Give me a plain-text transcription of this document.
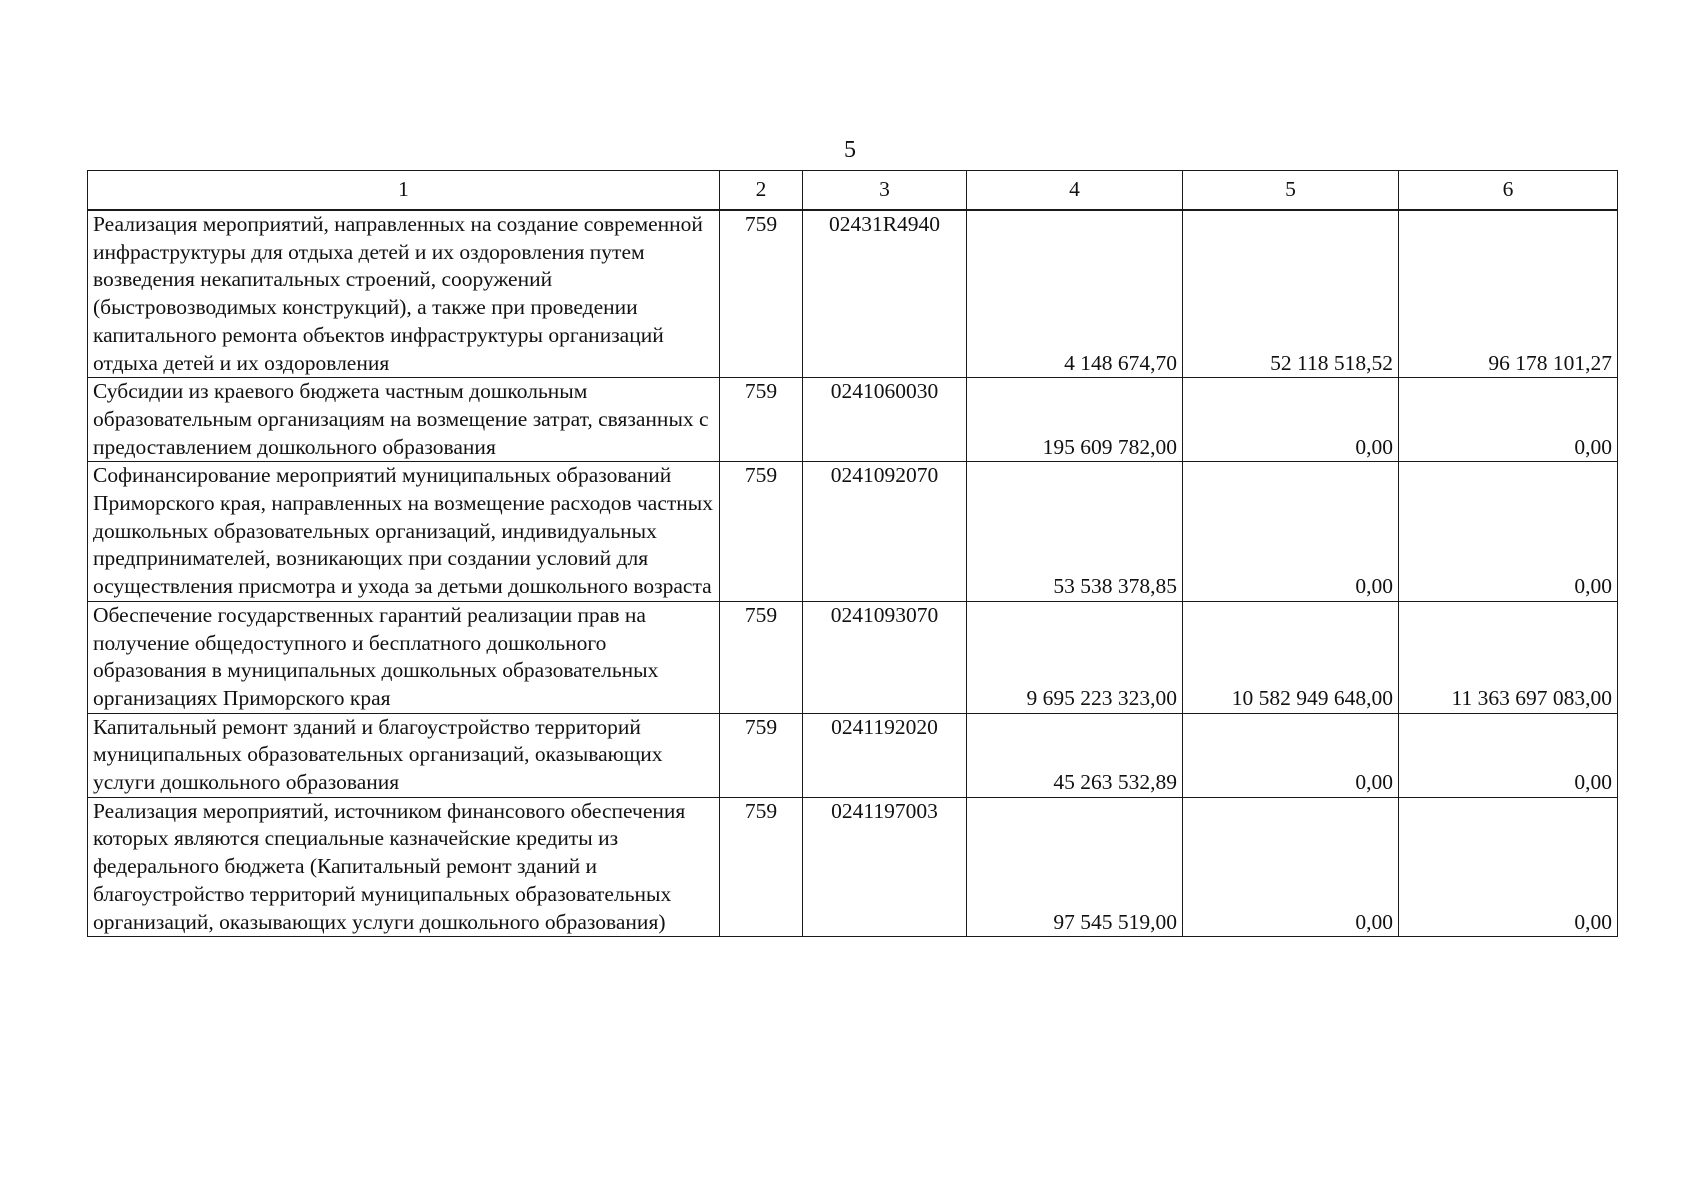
5
1	2	3	4	5	6
Реализация мероприятий, направленных на создание современной инфраструктуры для отдыха детей и их оздоровления путем возведения некапитальных строений, сооружений (быстровозводимых конструкций), а также при проведении капитального ремонта объектов инфраструктуры организаций отдыха детей и их оздоровления	759	02431R4940	4 148 674,70	52 118 518,52	96 178 101,27
Субсидии из краевого бюджета частным дошкольным образовательным организациям на возмещение затрат, связанных с предоставлением дошкольного образования	759	0241060030	195 609 782,00	0,00	0,00
Софинансирование мероприятий муниципальных образований Приморского края, направленных на возмещение расходов частных дошкольных образовательных организаций, индивидуальных предпринимателей, возникающих при создании условий для осуществления присмотра и ухода за детьми дошкольного возраста	759	0241092070	53 538 378,85	0,00	0,00
Обеспечение государственных гарантий реализации прав на получение общедоступного и бесплатного дошкольного образования в муниципальных дошкольных образовательных организациях Приморского края	759	0241093070	9 695 223 323,00	10 582 949 648,00	11 363 697 083,00
Капитальный ремонт зданий и благоустройство территорий муниципальных образовательных организаций, оказывающих услуги дошкольного образования	759	0241192020	45 263 532,89	0,00	0,00
Реализация мероприятий, источником финансового обеспечения которых являются специальные казначейские кредиты из федерального бюджета (Капитальный ремонт зданий и благоустройство территорий муниципальных образовательных организаций, оказывающих услуги дошкольного образования)	759	0241197003	97 545 519,00	0,00	0,00
